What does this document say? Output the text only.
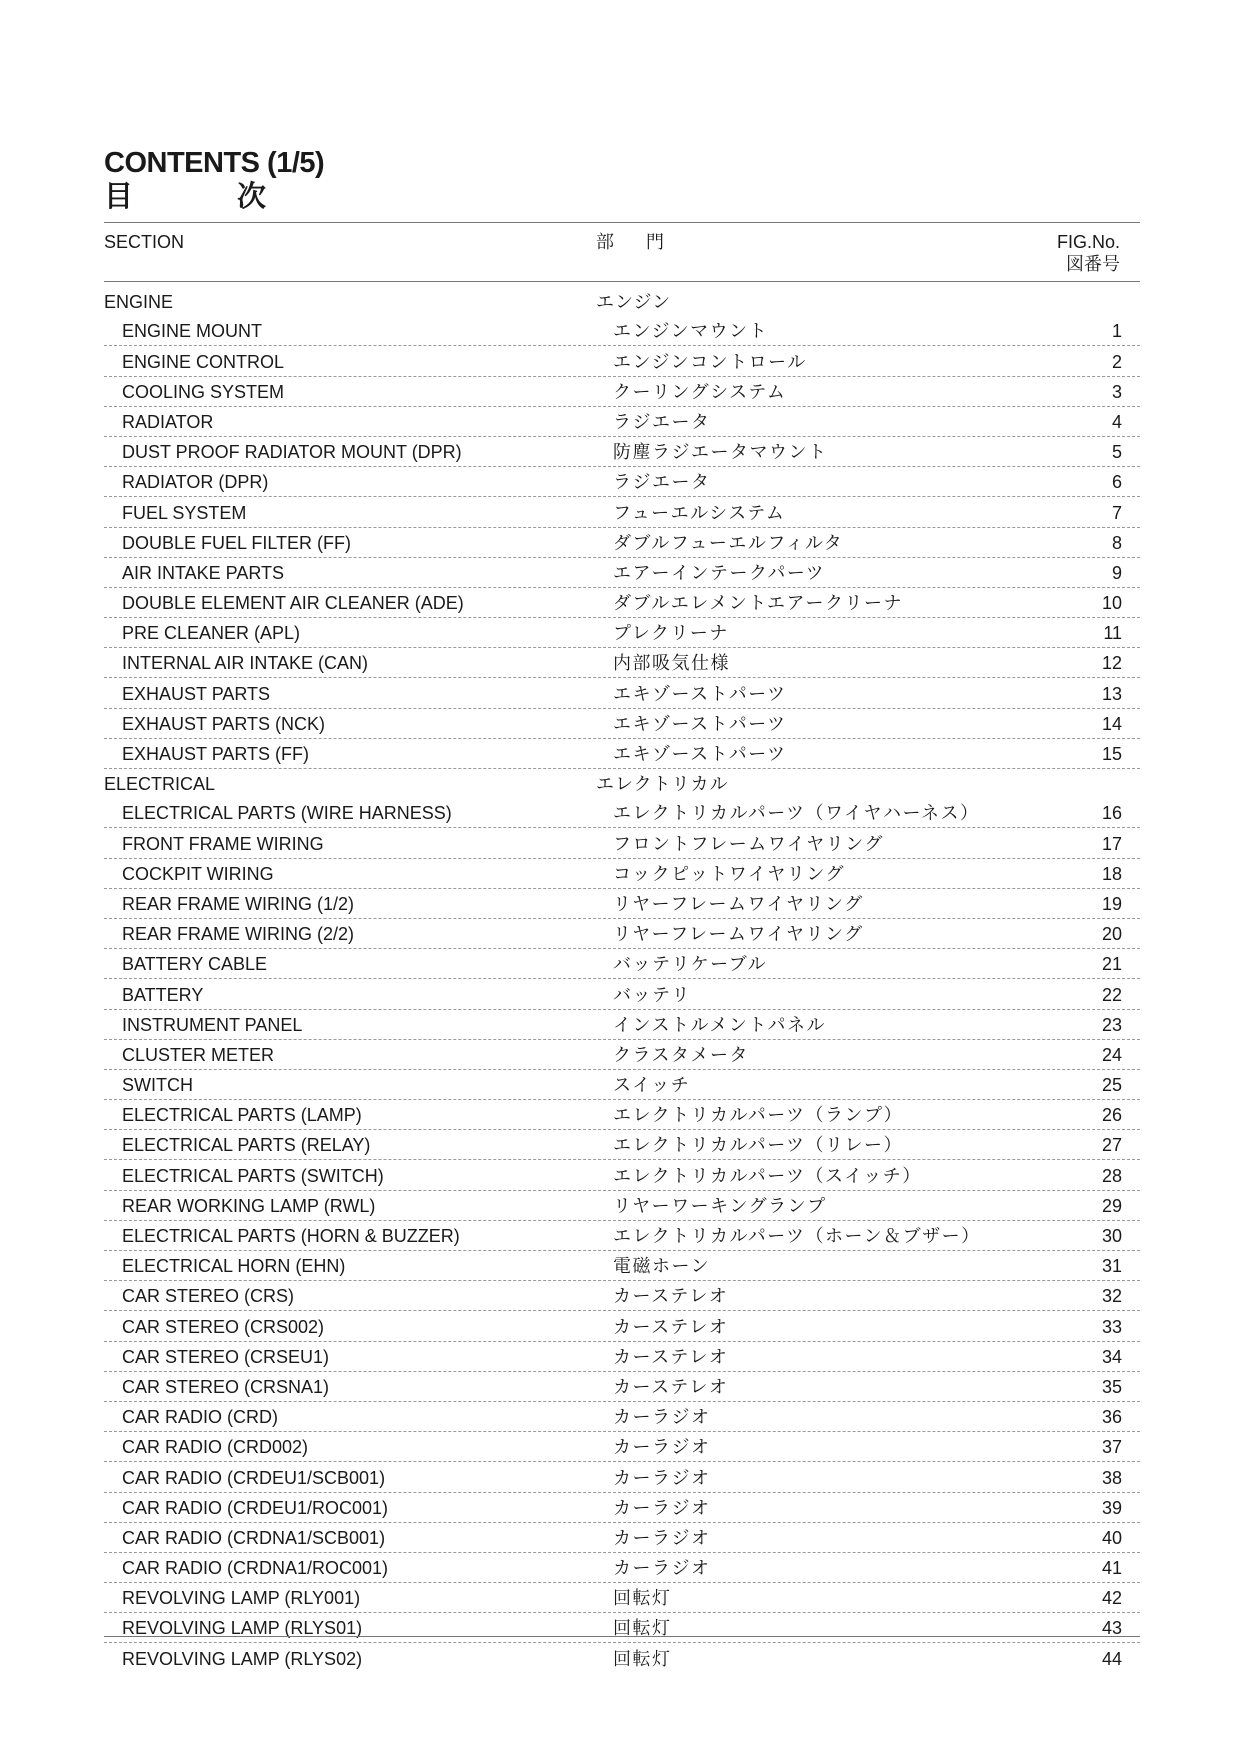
CONTENTS (1/5)
目	次
SECTION	部 門	FIG.No.
図番号
ENGINE	エンジン
ENGINE MOUNT	エンジンマウント	1
ENGINE CONTROL	エンジンコントロール	2
COOLING SYSTEM	クーリングシステム	3
RADIATOR	ラジエータ	4
DUST PROOF RADIATOR MOUNT (DPR)	防塵ラジエータマウント	5
RADIATOR (DPR)	ラジエータ	6
FUEL SYSTEM	フューエルシステム	7
DOUBLE FUEL FILTER (FF)	ダブルフューエルフィルタ	8
AIR INTAKE PARTS	エアーインテークパーツ	9
DOUBLE ELEMENT AIR CLEANER (ADE)	ダブルエレメントエアークリーナ	10
PRE CLEANER (APL)	プレクリーナ	11
INTERNAL AIR INTAKE (CAN)	内部吸気仕様	12
EXHAUST PARTS	エキゾーストパーツ	13
EXHAUST PARTS (NCK)	エキゾーストパーツ	14
EXHAUST PARTS (FF)	エキゾーストパーツ	15
ELECTRICAL	エレクトリカル
ELECTRICAL PARTS (WIRE HARNESS)	エレクトリカルパーツ（ワイヤハーネス）	16
FRONT FRAME WIRING	フロントフレームワイヤリング	17
COCKPIT WIRING	コックピットワイヤリング	18
REAR FRAME WIRING (1/2)	リヤーフレームワイヤリング	19
REAR FRAME WIRING (2/2)	リヤーフレームワイヤリング	20
BATTERY CABLE	バッテリケーブル	21
BATTERY	バッテリ	22
INSTRUMENT PANEL	インストルメントパネル	23
CLUSTER METER	クラスタメータ	24
SWITCH	スイッチ	25
ELECTRICAL PARTS (LAMP)	エレクトリカルパーツ（ランプ）	26
ELECTRICAL PARTS (RELAY)	エレクトリカルパーツ（リレー）	27
ELECTRICAL PARTS (SWITCH)	エレクトリカルパーツ（スイッチ）	28
REAR WORKING LAMP (RWL)	リヤーワーキングランプ	29
ELECTRICAL PARTS (HORN & BUZZER)	エレクトリカルパーツ（ホーン＆ブザー）	30
ELECTRICAL HORN (EHN)	電磁ホーン	31
CAR STEREO (CRS)	カーステレオ	32
CAR STEREO (CRS002)	カーステレオ	33
CAR STEREO (CRSEU1)	カーステレオ	34
CAR STEREO (CRSNA1)	カーステレオ	35
CAR RADIO (CRD)	カーラジオ	36
CAR RADIO (CRD002)	カーラジオ	37
CAR RADIO (CRDEU1/SCB001)	カーラジオ	38
CAR RADIO (CRDEU1/ROC001)	カーラジオ	39
CAR RADIO (CRDNA1/SCB001)	カーラジオ	40
CAR RADIO (CRDNA1/ROC001)	カーラジオ	41
REVOLVING LAMP (RLY001)	回転灯	42
REVOLVING LAMP (RLYS01)	回転灯	43
REVOLVING LAMP (RLYS02)	回転灯	44
